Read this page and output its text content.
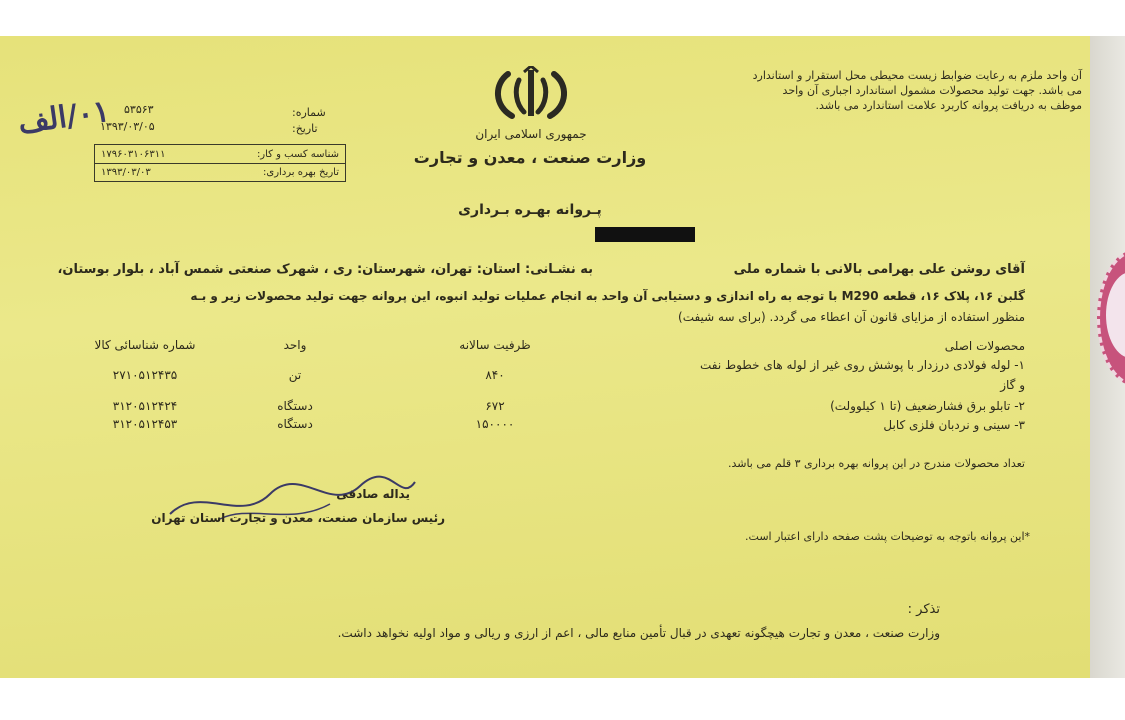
آن واحد ملزم به رعایت ضوابط زیست محیطی محل استقرار و استاندارد
می باشد. جهت تولید محصولات مشمول استاندارد اجباری آن واحد
موظف به دریافت پروانه کاربرد علامت استاندارد می باشد.
جمهوری اسلامی ایران
وزارت صنعت ، معدن و تجارت
شماره:
۵۳۵۶۳
تاریخ:
۱۳۹۳/۰۳/۰۵
۰۱/الف
۱۷۹۶۰۳۱۰۶۳۱۱	شناسه کسب و کار:
۱۳۹۳/۰۳/۰۳	تاریخ بهره برداری:
پـروانه بهـره بـرداری
آقای روشن علی بهرامی بالانی با شماره ملی
به نشـانی: استان: تهران، شهرستان: ری ، شهرک صنعتی شمس آباد ، بلوار بوستان،
گلبن ۱۶، پلاک ۱۶، قطعه M290 با توجه به راه اندازی و دستیابی آن واحد به انجام عملیات تولید انبوه، این پروانه جهت تولید محصولات زیر و بـه
منظور استفاده از مزایای قانون آن اعطاء می گردد. (برای سه شیفت)
محصولات اصلی
ظرفیت سالانه
واحد
شماره شناسائی کالا
۱- لوله فولادی درزدار با پوشش روی غیر از لوله های خطوط نفت
و گاز
۸۴۰
تن
۲۷۱۰۵۱۲۴۳۵
۲- تابلو برق فشارضعیف (تا ۱ کیلوولت)
۶۷۲
دستگاه
۳۱۲۰۵۱۲۴۲۴
۳- سینی و نردبان فلزی کابل
۱۵۰۰۰۰
دستگاه
۳۱۲۰۵۱۲۴۵۳
تعداد محصولات مندرج در این پروانه بهره برداری ۳ قلم می باشد.
یداله صادقی
رئیس سازمان صنعت، معدن و تجارت استان تهران
*این پروانه باتوجه به توضیحات پشت صفحه دارای اعتبار است.
تذکر :
وزارت صنعت ، معدن و تجارت هیچگونه تعهدی در قبال تأمین منابع مالی ، اعم از ارزی و ریالی و مواد اولیه نخواهد داشت.
